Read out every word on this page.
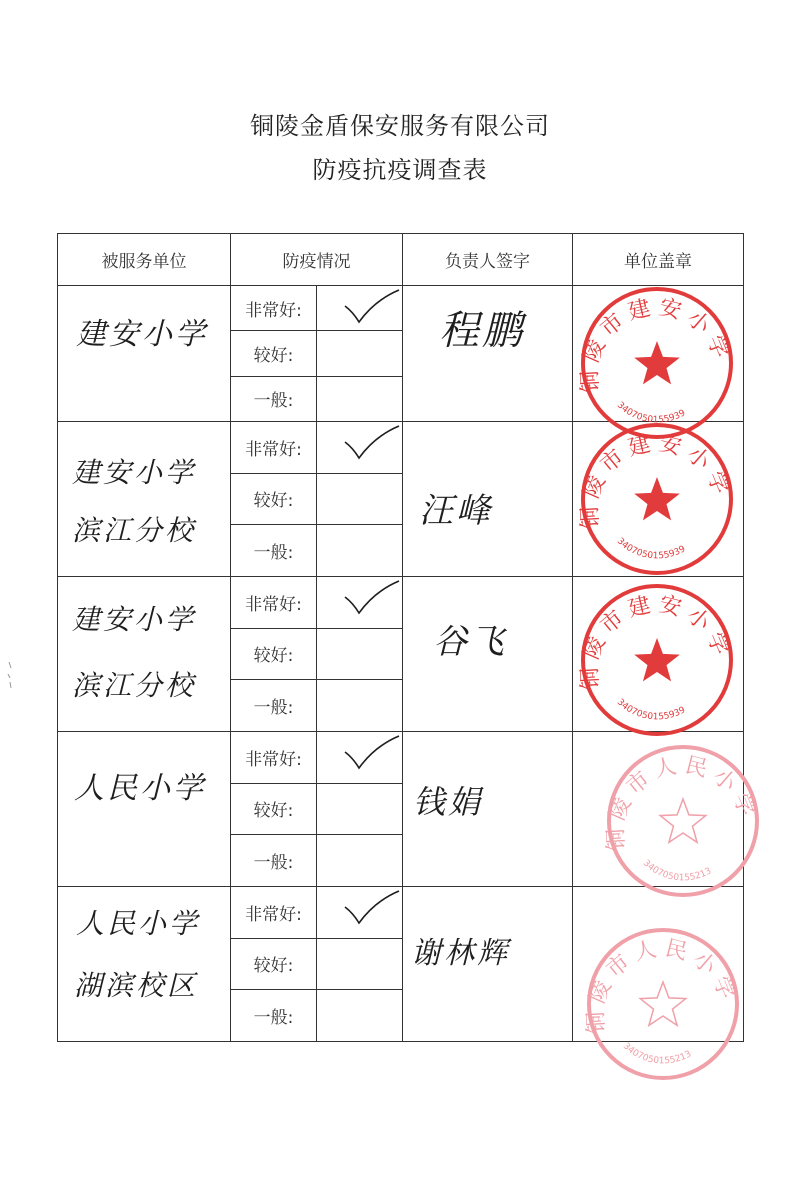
铜陵金盾保安服务有限公司
防疫抗疫调查表
被服务单位	防疫情况		负责人签字	单位盖章

建安小学	非常好:		程鹏	铜陵市建安小学
3407050155939

	较好:			
	一般:			

建安小学
滨江分校	非常好:		汪峰	铜陵市建安小学
3407050155939

	较好:			
	一般:			

建安小学
滨江分校	非常好:		谷飞	铜陵市建安小学
3407050155939

	较好:			
	一般:			

人民小学	非常好:		钱娟	铜陵市人民小学
3407050155213

	较好:			
	一般:			

人民小学
湖滨校区	非常好:		谢林辉	铜陵市人民小学
3407050155213

	较好:			
	一般:			
